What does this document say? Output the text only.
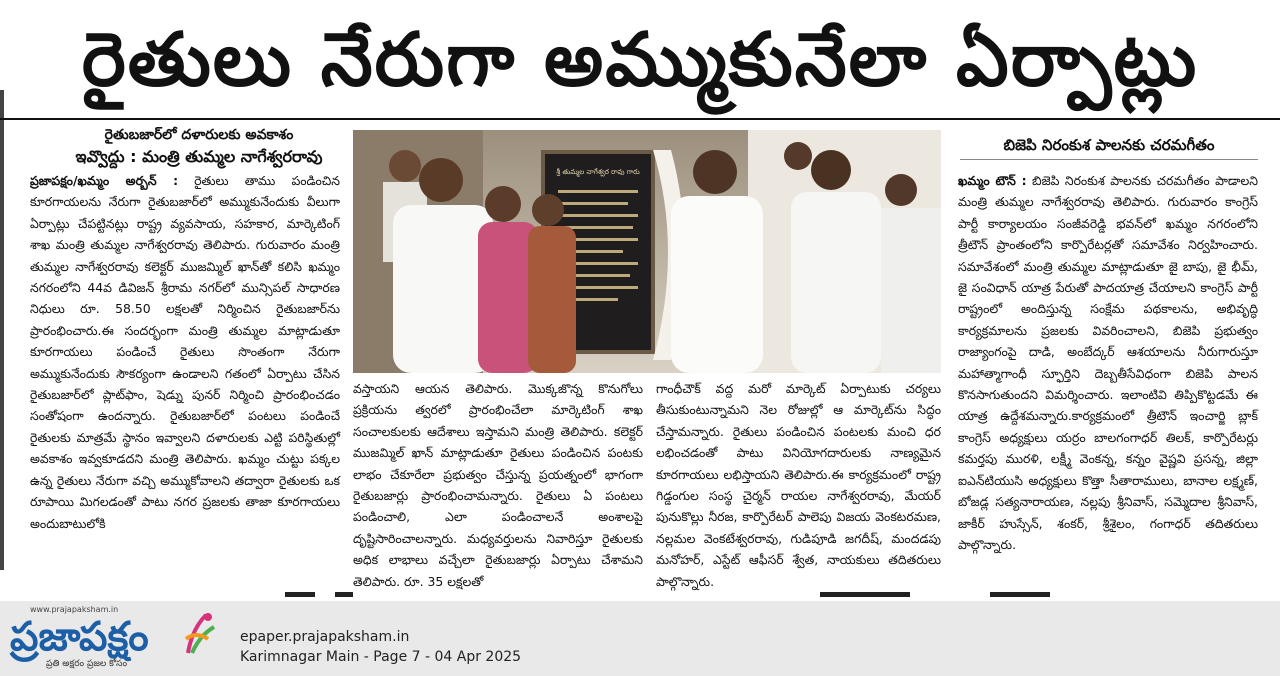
రైతులు నేరుగా అమ్ముకునేలా ఏర్పాట్లు
రైతుబజార్‌లో దళారులకు అవకాశం
ఇవ్వొద్దు : మంత్రి తుమ్మల నాగేశ్వరరావు
ప్రజాపక్షం/ఖమ్మం అర్బన్‌ : రైతులు తాము పండించిన కూరగాయలను నేరుగా రైతుబజార్‌లో అమ్ముకునేందుకు వీలుగా ఏర్పాట్లు చేపట్టినట్లు రాష్ట్ర వ్యవసాయ, సహకార, మార్కెటింగ్‌ శాఖ మంత్రి తుమ్మల నాగేశ్వరరావు తెలిపారు. గురువారం మంత్రి తుమ్మల నాగేశ్వరరావు కలెక్టర్‌ ముజమ్మిల్‌ ఖాన్‌తో కలిసి ఖమ్మం నగరంలోని 44వ డివిజన్‌ శ్రీరామ నగర్‌లో మున్సిపల్‌ సాధారణ నిధులు రూ. 58.50 లక్షలతో నిర్మించిన రైతుబజార్‌ను ప్రారంభించారు.ఈ సందర్భంగా మంత్రి తుమ్మల మాట్లాడుతూ కూరగాయలు పండించే రైతులు సొంతంగా నేరుగా అమ్ముకునేందుకు సౌకర్యంగా ఉండాలని గతంలో ఏర్పాటు చేసిన రైతుబజార్‌లో ప్లాట్‌ఫాం, షెడ్ను పునర్‌ నిర్మించి ప్రారంభించడం సంతోషంగా ఉందన్నారు. రైతుబజార్‌లో పంటలు పండించే రైతులకు మాత్రమే స్థానం ఇవ్వాలని దళారులకు ఎట్టి పరిస్థితుల్లో అవకాశం ఇవ్వకూడదని మంత్రి తెలిపారు. ఖమ్మం చుట్టు పక్కల ఉన్న రైతులు నేరుగా వచ్చి అమ్ముకోవాలని తద్వారా రైతులకు ఒక రూపాయి మిగలడంతో పాటు నగర ప్రజలకు తాజా కూరగాయలు అందుబాటులోకి
శ్రీ తుమ్మల నాగేశ్వర రావు గారు
వస్తాయని ఆయన తెలిపారు. మొక్కజొన్న కొనుగోలు ప్రక్రియను త్వరలో ప్రారంభించేలా మార్కెటింగ్‌ శాఖ సంచాలకులకు ఆదేశాలు ఇస్తామని మంత్రి తెలిపారు. కలెక్టర్‌ ముజమ్మిల్‌ ఖాన్‌ మాట్లాడుతూ రైతులు పండించిన పంటకు లాభం చేకూరేలా ప్రభుత్వం చేస్తున్న ప్రయత్నంలో భాగంగా రైతుబజార్లు ప్రారంభించామన్నారు. రైతులు ఏ పంటలు పండించాలి, ఎలా పండించాలనే అంశాలపై దృష్టిసారించాలన్నారు. మధ్యవర్తులను నివారిస్తూ రైతులకు అధిక లాభాలు వచ్చేలా రైతుబజార్లు ఏర్పాటు చేశామని తెలిపారు. రూ. 35 లక్షలతో
గాంధీచౌక్‌ వద్ద మరో మార్కెట్‌ ఏర్పాటుకు చర్యలు తీసుకుంటున్నామని నెల రోజుల్లో ఆ మార్కెట్‌ను సిద్ధం చేస్తామన్నారు. రైతులు పండించిన పంటలకు మంచి ధర లభించడంతో పాటు వినియోగదారులకు నాణ్యమైన కూరగాయలు లభిస్తాయని తెలిపారు.ఈ కార్యక్రమంలో రాష్ట్ర గిడ్డంగుల సంస్థ చైర్మన్‌ రాయల నాగేశ్వరరావు, మేయర్‌ పునుకొల్లు నీరజ, కార్పొరేటర్‌ పాలెపు విజయ వెంకటరమణ, నల్లమల వెంకటేశ్వరరావు, గుడిపూడి జగదీష్‌, మందడపు మనోహర్‌, ఎస్టేట్‌ ఆఫీసర్‌ శ్వేత, నాయకులు తదితరులు పాల్గొన్నారు.
బిజెపి నిరంకుశ పాలనకు చరమగీతం
ఖమ్మం టౌన్‌ : బిజెపి నిరంకుశ పాలనకు చరమగీతం పాడాలని మంత్రి తుమ్మల నాగేశ్వరరావు తెలిపారు. గురువారం కాంగ్రెస్‌ పార్టీ కార్యాలయం సంజీవరెడ్డి భవన్‌లో ఖమ్మం నగరంలోని త్రీటౌన్‌ ప్రాంతంలోని కార్పొరేటర్లతో సమావేశం నిర్వహించారు. సమావేశంలో మంత్రి తుమ్మల మాట్లాడుతూ జై బాపు, జై భీమ్‌, జై సంవిధాన్‌ యాత్ర పేరుతో పాదయాత్ర చేయాలని కాంగ్రెస్‌ పార్టీ రాష్ట్రంలో అందిస్తున్న సంక్షేమ పథకాలను, అభివృద్ధి కార్యక్రమాలను ప్రజలకు వివరించాలని, బిజెపి ప్రభుత్వం రాజ్యాంగంపై దాడి, అంబేద్కర్‌ ఆశయాలను నీరుగారుస్తూ మహాత్మాగాంధీ స్ఫూర్తిని దెబ్బతీసేవిధంగా బిజెపి పాలన కొనసాగుతుందని విమర్శించారు. ఇలాంటివి తిప్పికొట్టడమే ఈ యాత్ర ఉద్దేశమన్నారు.కార్యక్రమంలో త్రీటౌన్‌ ఇంచార్జి బ్లాక్‌ కాంగ్రెస్‌ అధ్యక్షులు యర్రం బాలగంగాధర్‌ తిలక్‌, కార్పొరేటర్లు కమర్తపు మురళి, లక్ష్మీ వెంకన్న, కన్నం వైష్ణవి ప్రసన్న, జిల్లా ఐఎన్‌టియుసి అధ్యక్షులు కొత్తా సీతారాములు, బానాల లక్ష్మణ్‌, బోజడ్ల సత్యనారాయణ, నల్లపు శ్రీనివాస్‌, సమ్మెదాల శ్రీనివాస్‌, జాకీర్‌ హుస్సేన్‌, శంకర్‌, శ్రీశైలం, గంగాధర్‌ తదితరులు పాల్గొన్నారు.
www.prajapaksham.in
ప్రజాపక్షం
ప్రతి అక్షరం ప్రజల కోసం
epaper.prajapaksham.in
Karimnagar Main - Page 7 - 04 Apr 2025
